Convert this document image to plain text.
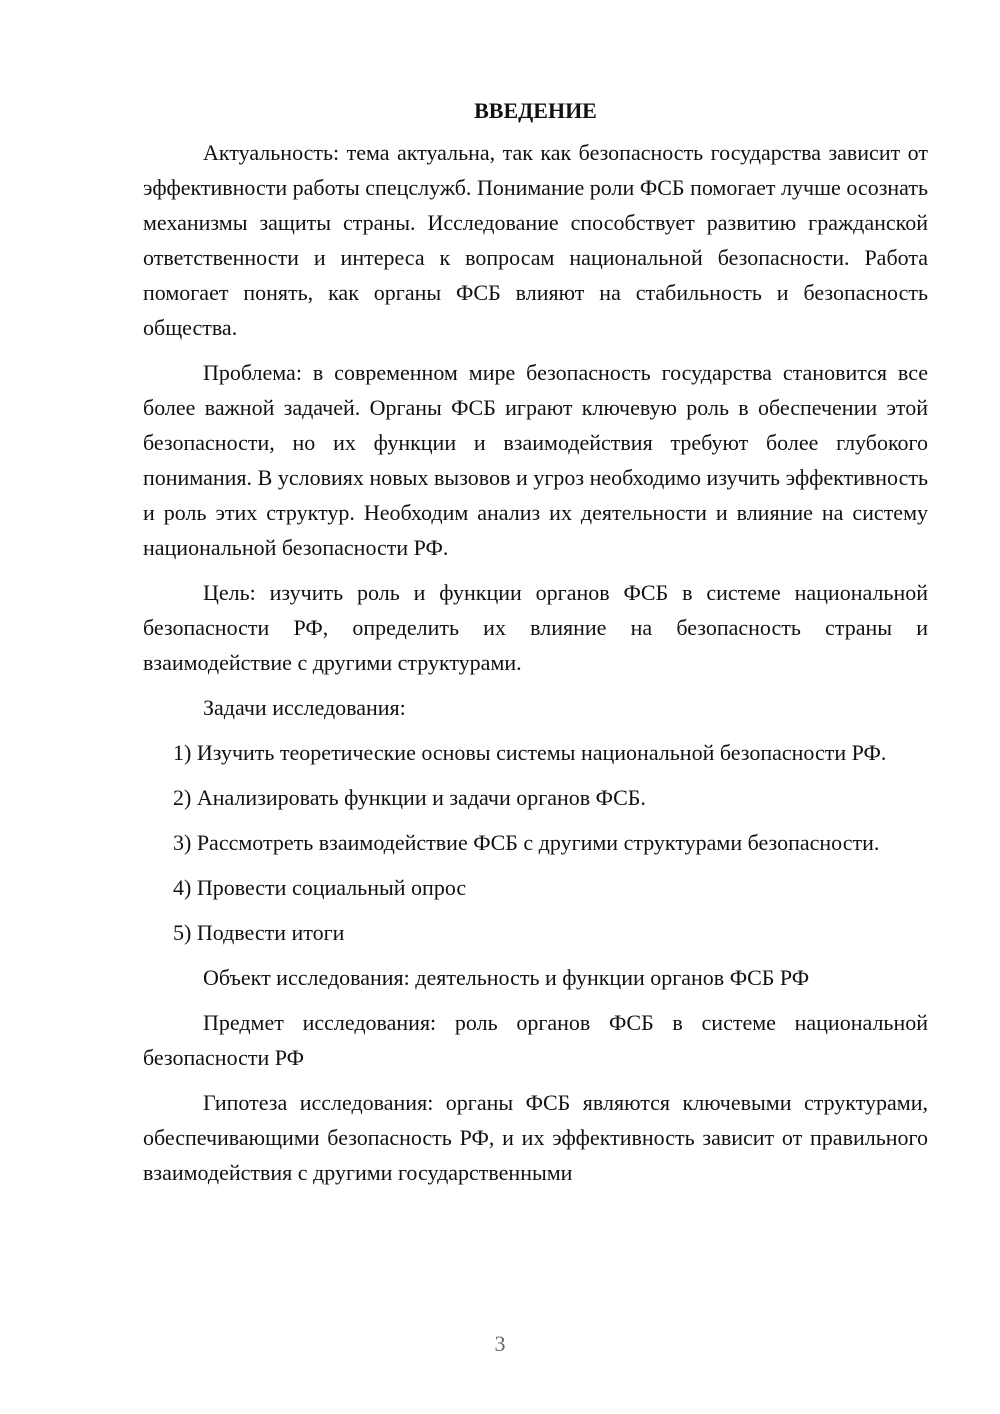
ВВЕДЕНИЕ
Актуальность: тема актуальна, так как безопасность государства зависит от эффективности работы спецслужб. Понимание роли ФСБ помогает лучше осознать механизмы защиты страны. Исследование способствует развитию гражданской ответственности и интереса к вопросам национальной безопасности. Работа помогает понять, как органы ФСБ влияют на стабильность и безопасность общества.
Проблема: в современном мире безопасность государства становится все более важной задачей. Органы ФСБ играют ключевую роль в обеспечении этой безопасности, но их функции и взаимодействия требуют более глубокого понимания. В условиях новых вызовов и угроз необходимо изучить эффективность и роль этих структур. Необходим анализ их деятельности и влияние на систему национальной безопасности РФ.
Цель: изучить роль и функции органов ФСБ в системе национальной безопасности РФ, определить их влияние на безопасность страны и взаимодействие с другими структурами.
Задачи исследования:
1) Изучить теоретические основы системы национальной безопасности РФ.
2) Анализировать функции и задачи органов ФСБ.
3) Рассмотреть взаимодействие ФСБ с другими структурами безопасности.
4) Провести социальный опрос
5) Подвести итоги
Объект исследования: деятельность и функции органов ФСБ РФ
Предмет исследования: роль органов ФСБ в системе национальной безопасности РФ
Гипотеза исследования: органы ФСБ являются ключевыми структурами, обеспечивающими безопасность РФ, и их эффективность зависит от правильного взаимодействия с другими государственными
3
